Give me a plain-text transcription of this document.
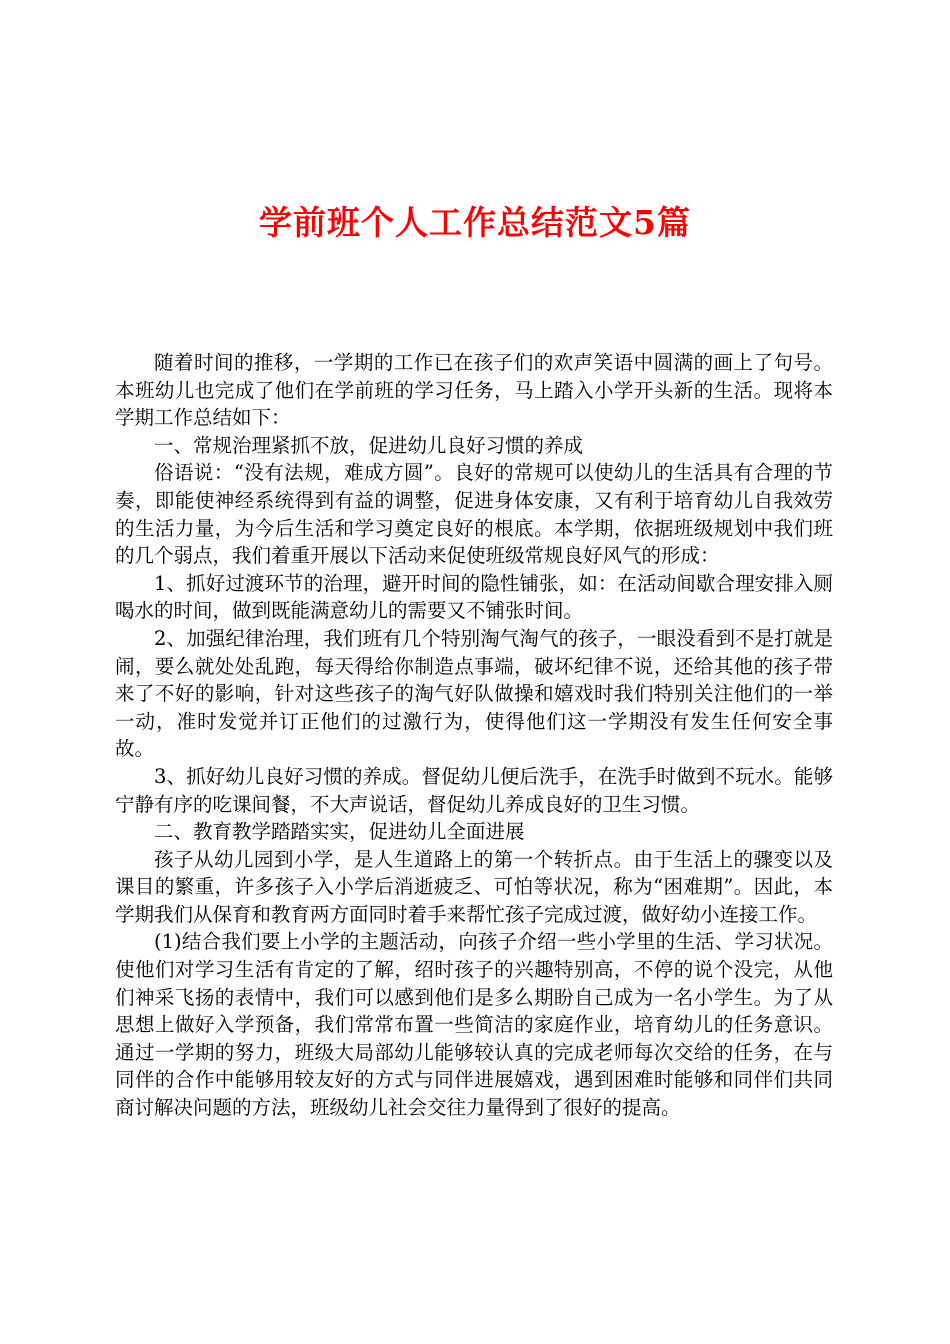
学前班个人工作总结范文5篇

随着时间的推移，一学期的工作已在孩子们的欢声笑语中圆满的画上了句号。本班幼儿也完成了他们在学前班的学习任务，马上踏入小学开头新的生活。现将本学期工作总结如下：

一、常规治理紧抓不放，促进幼儿良好习惯的养成

俗语说：“没有法规，难成方圆”。良好的常规可以使幼儿的生活具有合理的节奏，即能使神经系统得到有益的调整，促进身体安康，又有利于培育幼儿自我效劳的生活力量，为今后生活和学习奠定良好的根底。本学期，依据班级规划中我们班的几个弱点，我们着重开展以下活动来促使班级常规良好风气的形成：

1、抓好过渡环节的治理，避开时间的隐性铺张，如：在活动间歇合理安排入厕喝水的时间，做到既能满意幼儿的需要又不铺张时间。

2、加强纪律治理，我们班有几个特别淘气淘气的孩子，一眼没看到不是打就是闹，要么就处处乱跑，每天得给你制造点事端，破坏纪律不说，还给其他的孩子带来了不好的影响，针对这些孩子的淘气好队做操和嬉戏时我们特别关注他们的一举一动，准时发觉并订正他们的过激行为，使得他们这一学期没有发生任何安全事故。

3、抓好幼儿良好习惯的养成。督促幼儿便后洗手，在洗手时做到不玩水。能够宁静有序的吃课间餐，不大声说话，督促幼儿养成良好的卫生习惯。

二、教育教学踏踏实实，促进幼儿全面进展

孩子从幼儿园到小学，是人生道路上的第一个转折点。由于生活上的骤变以及课目的繁重，许多孩子入小学后消逝疲乏、可怕等状况，称为“困难期”。因此，本学期我们从保育和教育两方面同时着手来帮忙孩子完成过渡，做好幼小连接工作。

(1)结合我们要上小学的主题活动，向孩子介绍一些小学里的生活、学习状况。使他们对学习生活有肯定的了解，绍时孩子的兴趣特别高，不停的说个没完，从他们神采飞扬的表情中，我们可以感到他们是多么期盼自己成为一名小学生。为了从思想上做好入学预备，我们常常布置一些简洁的家庭作业，培育幼儿的任务意识。通过一学期的努力，班级大局部幼儿能够较认真的完成老师每次交给的任务，在与同伴的合作中能够用较友好的方式与同伴进展嬉戏，遇到困难时能够和同伴们共同商讨解决问题的方法，班级幼儿社会交往力量得到了很好的提高。
